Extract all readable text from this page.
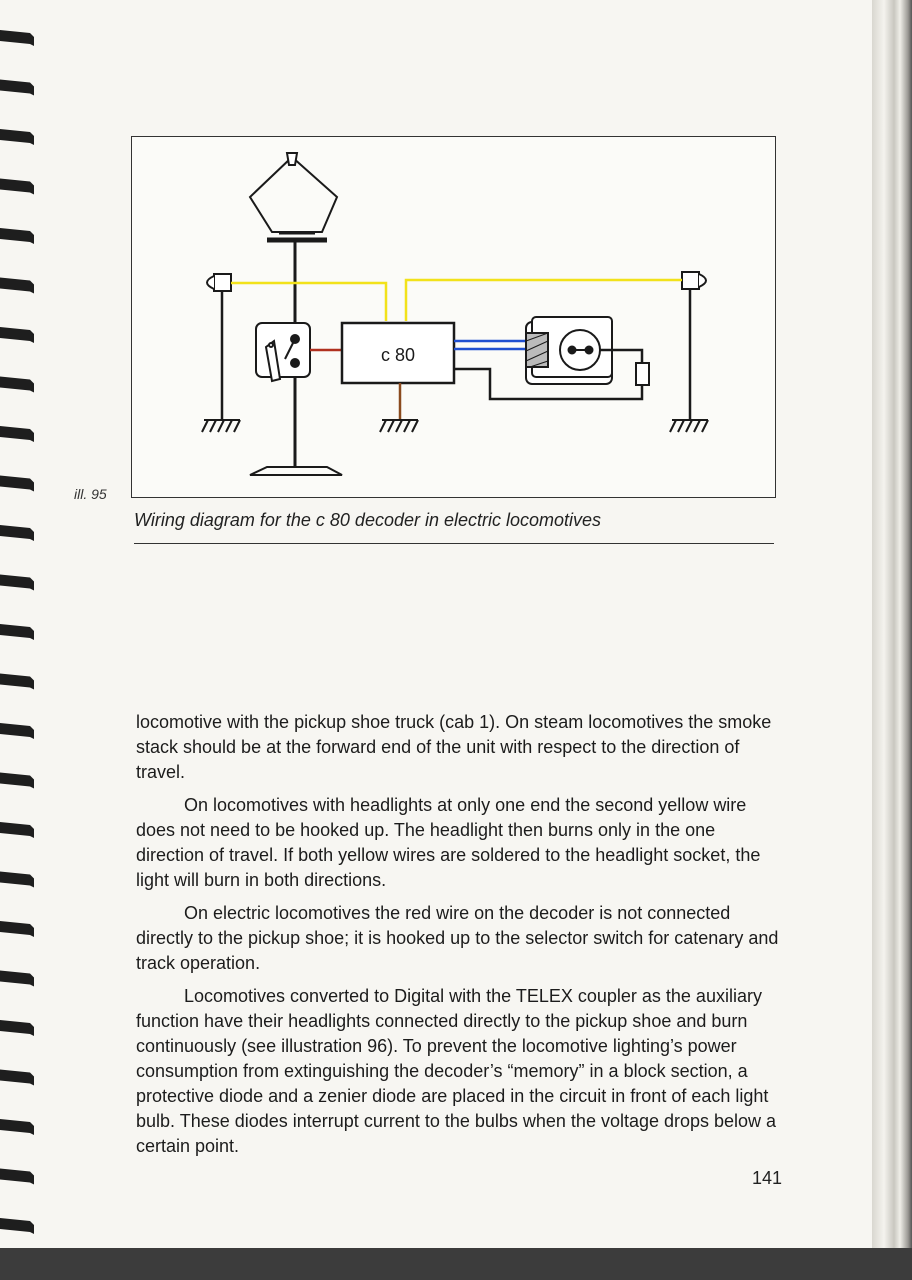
c 80
ill. 95
Wiring diagram for the c 80 decoder in electric locomotives

locomotive with the pickup shoe truck (cab 1). On steam locomotives the smoke stack should be at the forward end of the unit with respect to the direction of travel.

On locomotives with headlights at only one end the second yellow wire does not need to be hooked up. The headlight then burns only in the one direction of travel. If both yellow wires are soldered to the headlight socket, the light will burn in both directions.

On electric locomotives the red wire on the decoder is not connected directly to the pickup shoe; it is hooked up to the selector switch for catenary and track operation.

Locomotives converted to Digital with the TELEX coupler as the auxiliary function have their headlights connected directly to the pickup shoe and burn continuously (see illustration 96). To prevent the locomotive lighting’s power consumption from extinguishing the decoder’s “memory” in a block section, a protective diode and a zenier diode are placed in the circuit in front of each light bulb. These diodes interrupt current to the bulbs when the voltage drops below a certain point.

141
